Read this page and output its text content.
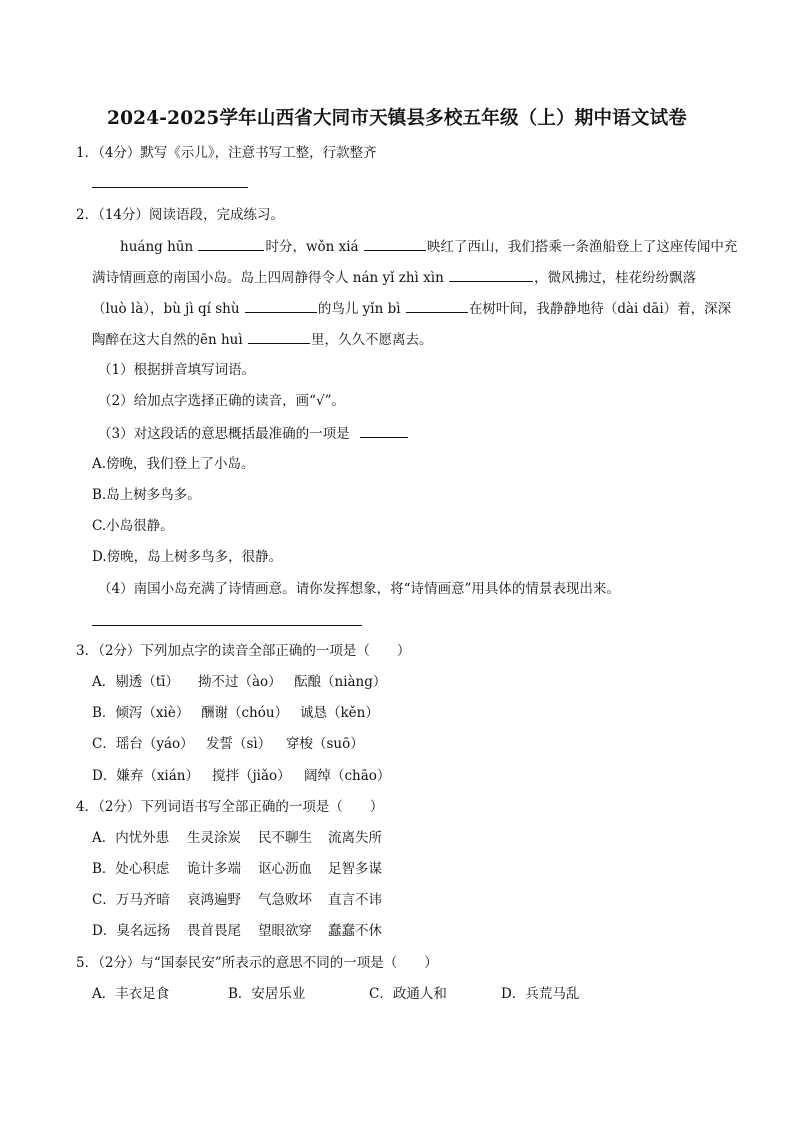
2024-2025学年山西省大同市天镇县多校五年级（上）期中语文试卷
1．（4分）默写《示儿》，注意书写工整，行款整齐
2．（14分）阅读语段，完成练习。
huáng hūn	时分，wǒn xiá	映红了西山，我们搭乘一条渔船登上了这座传闻中充
满诗情画意的南国小岛。岛上四周静得令人 nán yǐ zhì xìn	，微风拂过，桂花纷纷飘落
（luò là），bù jì qí shù	的鸟儿 yǐn bì	在树叶间，我静静地待（dài dāi）着，深深
陶醉在这大自然的ēn huì	里，久久不愿离去。
（1）根据拼音填写词语。
（2）给加点字选择正确的读音，画“√”。
（3）对这段话的意思概括最准确的一项是
A.傍晚，我们登上了小岛。
B.岛上树多鸟多。
C.小岛很静。
D.傍晚，岛上树多鸟多，很静。
（4）南国小岛充满了诗情画意。请你发挥想象，将“诗情画意”用具体的情景表现出来。
3．（2分）下列加点字的读音全部正确的一项是（　　）
A．剔透（tī） 拗不过（ào） 酝酿（niàng）
B．倾泻（xiè） 酬谢（chóu） 诚恳（kěn）
C．瑶台（yáo） 发誓（sì） 穿梭（suō）
D．嫌弃（xián） 搅拌（jiǎo） 阔绰（chāo）
4．（2分）下列词语书写全部正确的一项是（　　）
A．内忧外患 生灵涂炭 民不聊生 流离失所
B．处心积虑 诡计多端 讴心沥血 足智多谋
C．万马齐暗 哀鸿遍野 气急败坏 直言不讳
D．臭名远扬 畏首畏尾 望眼欲穿 蠢蠢不休
5．（2分）与“国泰民安”所表示的意思不同的一项是（　　）
A．丰衣足食	B．安居乐业	C．政通人和	D．兵荒马乱
